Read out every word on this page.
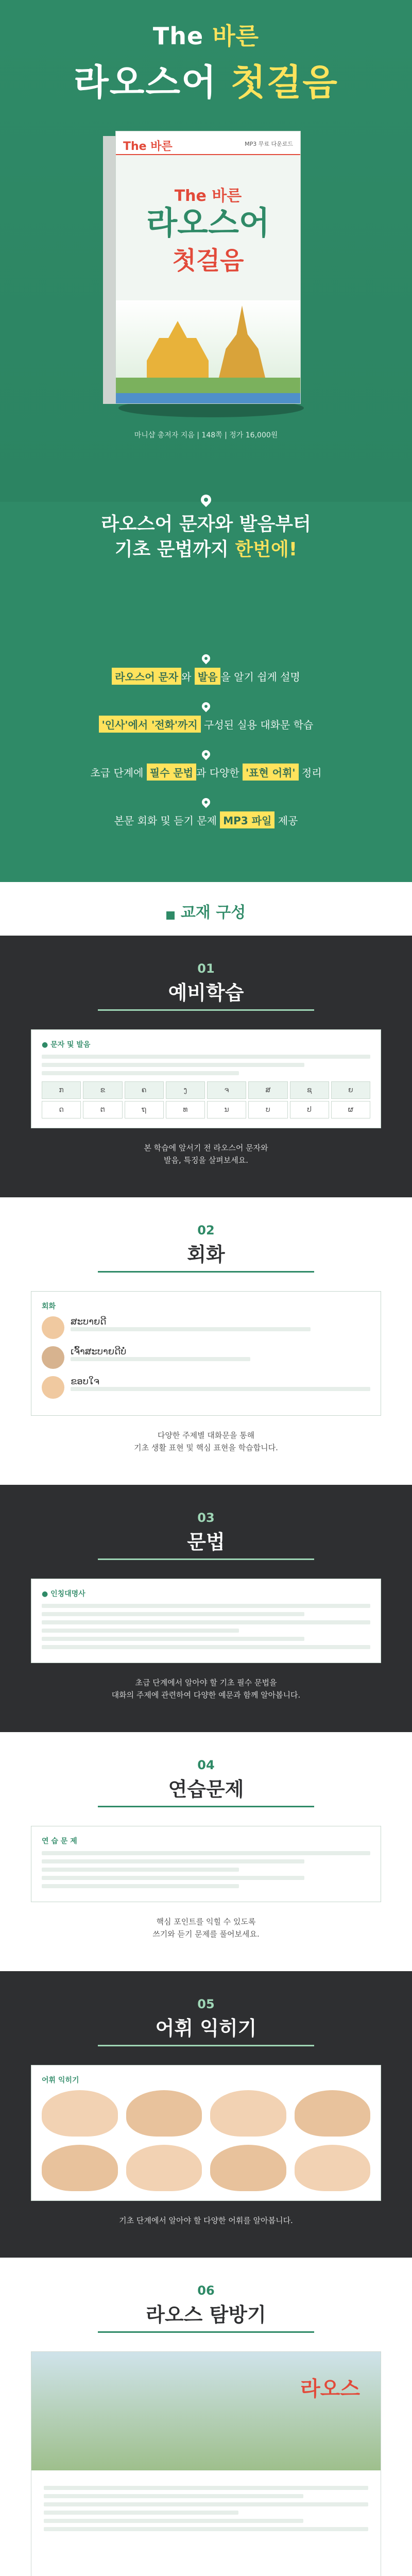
The 바른
라오스어 첫걸음
The 바른	MP3 무료 다운로드
The 바른
라오스어
첫걸음
마니샵 총저자 지음 | 148쪽 | 정가 16,000원
라오스어 문자와 발음부터
기초 문법까지 한번에!
라오스어 문자 와 발음 을 알기 쉽게 설명
'인사'에서 '전화'까지 구성된 실용 대화문 학습
초급 단계에 필수 문법 과 다양한 '표현 어휘' 정리
본문 회화 및 듣기 문제 MP3 파일 제공
교재 구성
01
예비학습
● 문자 및 발음
ກ	ຂ	ຄ	ງ	ຈ	ສ	ຊ	ຍ
ດ	ຕ	ຖ	ທ	ນ	ບ	ປ	ຜ
본 학습에 앞서기 전 라오스어 문자와
발음, 특징을 살펴보세요.
02
회화
회화
ສະບາຍດີ
ເຈົ້າສະບາຍດີບໍ່
ຂອບໃຈ
다양한 주제별 대화문을 통해
기초 생활 표현 및 핵심 표현을 학습합니다.
03
문법
● 인칭대명사
초급 단계에서 알아야 할 기초 필수 문법을
대화의 주제에 관련하여 다양한 예문과 함께 알아봅니다.
04
연습문제
연 습 문 제
핵심 포인트를 익힐 수 있도록
쓰기와 듣기 문제를 풀어보세요.
05
어휘 익히기
어휘 익히기
기초 단계에서 알아야 할 다양한 어휘를 알아봅니다.
06
라오스 탐방기
라오스
